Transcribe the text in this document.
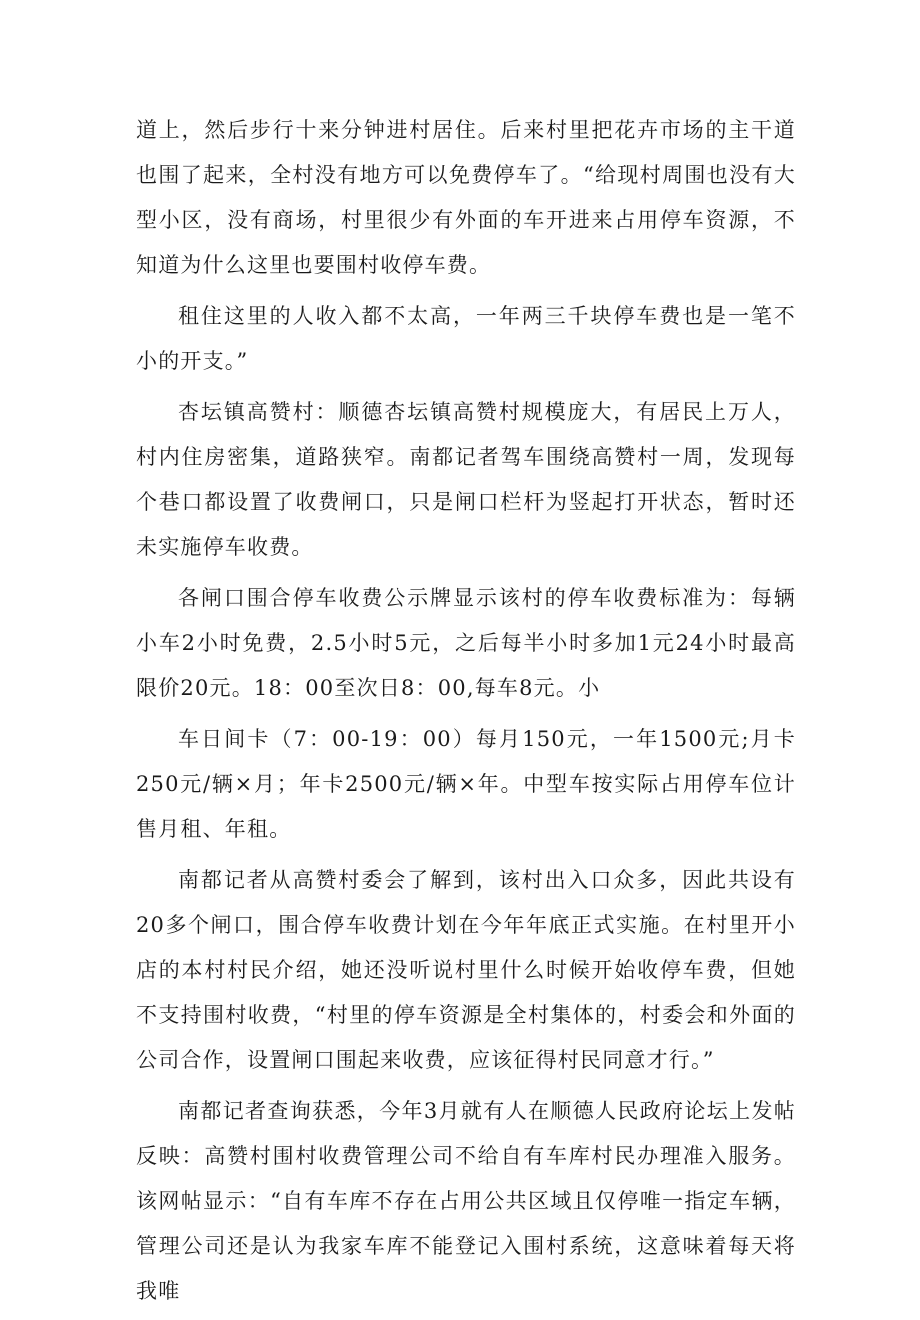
道上，然后步行十来分钟进村居住。后来村里把花卉市场的主干道也围了起来，全村没有地方可以免费停车了。“给现村周围也没有大型小区，没有商场，村里很少有外面的车开进来占用停车资源，不知道为什么这里也要围村收停车费。

租住这里的人收入都不太高，一年两三千块停车费也是一笔不小的开支。”

杏坛镇高赞村：顺德杏坛镇高赞村规模庞大，有居民上万人，村内住房密集，道路狭窄。南都记者驾车围绕高赞村一周，发现每个巷口都设置了收费闸口，只是闸口栏杆为竖起打开状态，暂时还未实施停车收费。

各闸口围合停车收费公示牌显示该村的停车收费标准为：每辆小车2小时免费，2.5小时5元，之后每半小时多加1元24小时最高限价20元。18：00至次日8：00,每车8元。小

车日间卡（7：00-19：00）每月150元，一年1500元;月卡250元/辆×月；年卡2500元/辆×年。中型车按实际占用停车位计售月租、年租。

南都记者从高赞村委会了解到，该村出入口众多，因此共设有20多个闸口，围合停车收费计划在今年年底正式实施。在村里开小店的本村村民介绍，她还没听说村里什么时候开始收停车费，但她不支持围村收费，“村里的停车资源是全村集体的，村委会和外面的公司合作，设置闸口围起来收费，应该征得村民同意才行。”

南都记者查询获悉，今年3月就有人在顺德人民政府论坛上发帖反映：高赞村围村收费管理公司不给自有车库村民办理准入服务。该网帖显示：“自有车库不存在占用公共区域且仅停唯一指定车辆，管理公司还是认为我家车库不能登记入围村系统，这意味着每天将我唯
